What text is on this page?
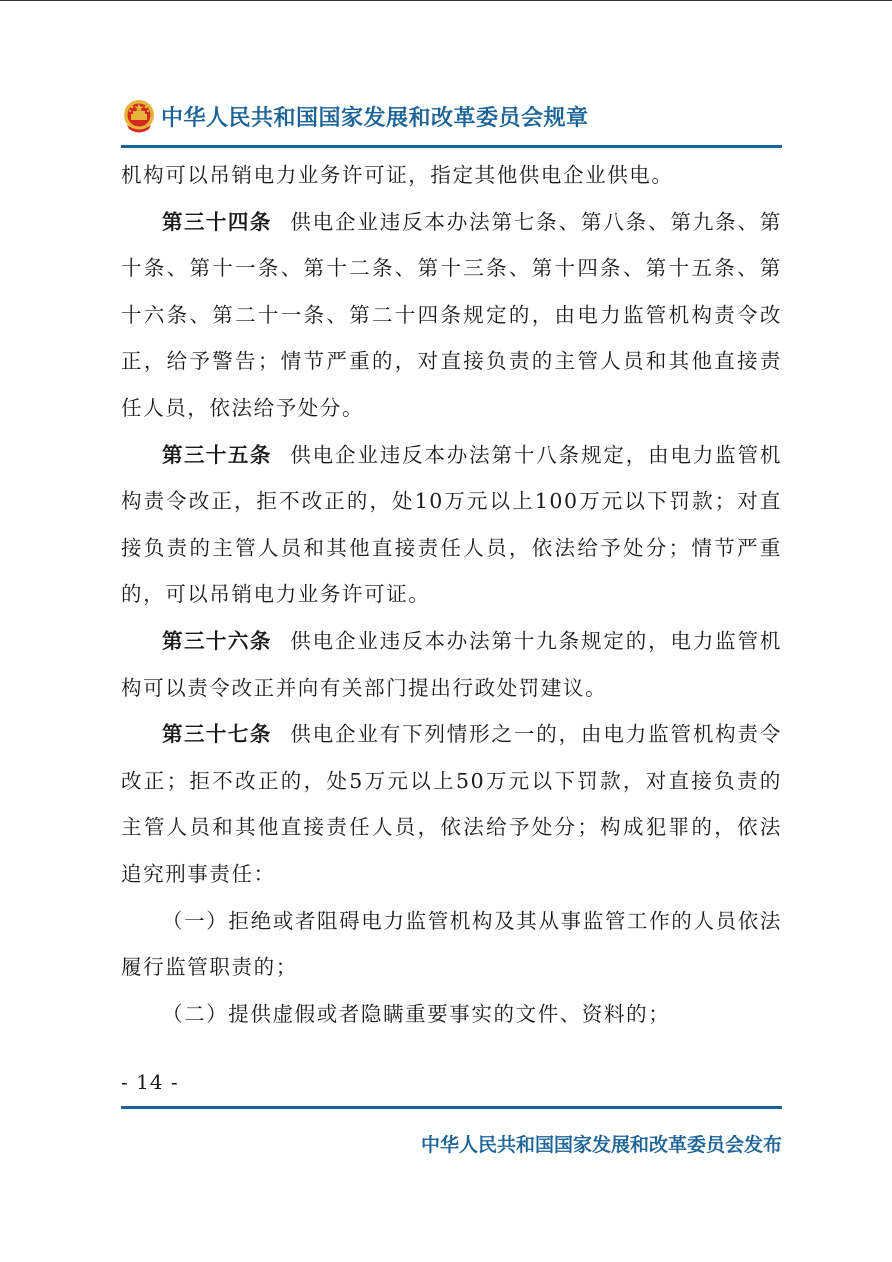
中华人民共和国国家发展和改革委员会规章

机构可以吊销电力业务许可证，指定其他供电企业供电。

第三十四条 供电企业违反本办法第七条、第八条、第九条、第十条、第十一条、第十二条、第十三条、第十四条、第十五条、第十六条、第二十一条、第二十四条规定的，由电力监管机构责令改正，给予警告；情节严重的，对直接负责的主管人员和其他直接责任人员，依法给予处分。

第三十五条 供电企业违反本办法第十八条规定，由电力监管机构责令改正，拒不改正的，处10万元以上100万元以下罚款；对直接负责的主管人员和其他直接责任人员，依法给予处分；情节严重的，可以吊销电力业务许可证。

第三十六条 供电企业违反本办法第十九条规定的，电力监管机构可以责令改正并向有关部门提出行政处罚建议。

第三十七条 供电企业有下列情形之一的，由电力监管机构责令改正；拒不改正的，处5万元以上50万元以下罚款，对直接负责的主管人员和其他直接责任人员，依法给予处分；构成犯罪的，依法追究刑事责任：

（一）拒绝或者阻碍电力监管机构及其从事监管工作的人员依法履行监管职责的；

（二）提供虚假或者隐瞒重要事实的文件、资料的；

- 14 -
中华人民共和国国家发展和改革委员会发布
